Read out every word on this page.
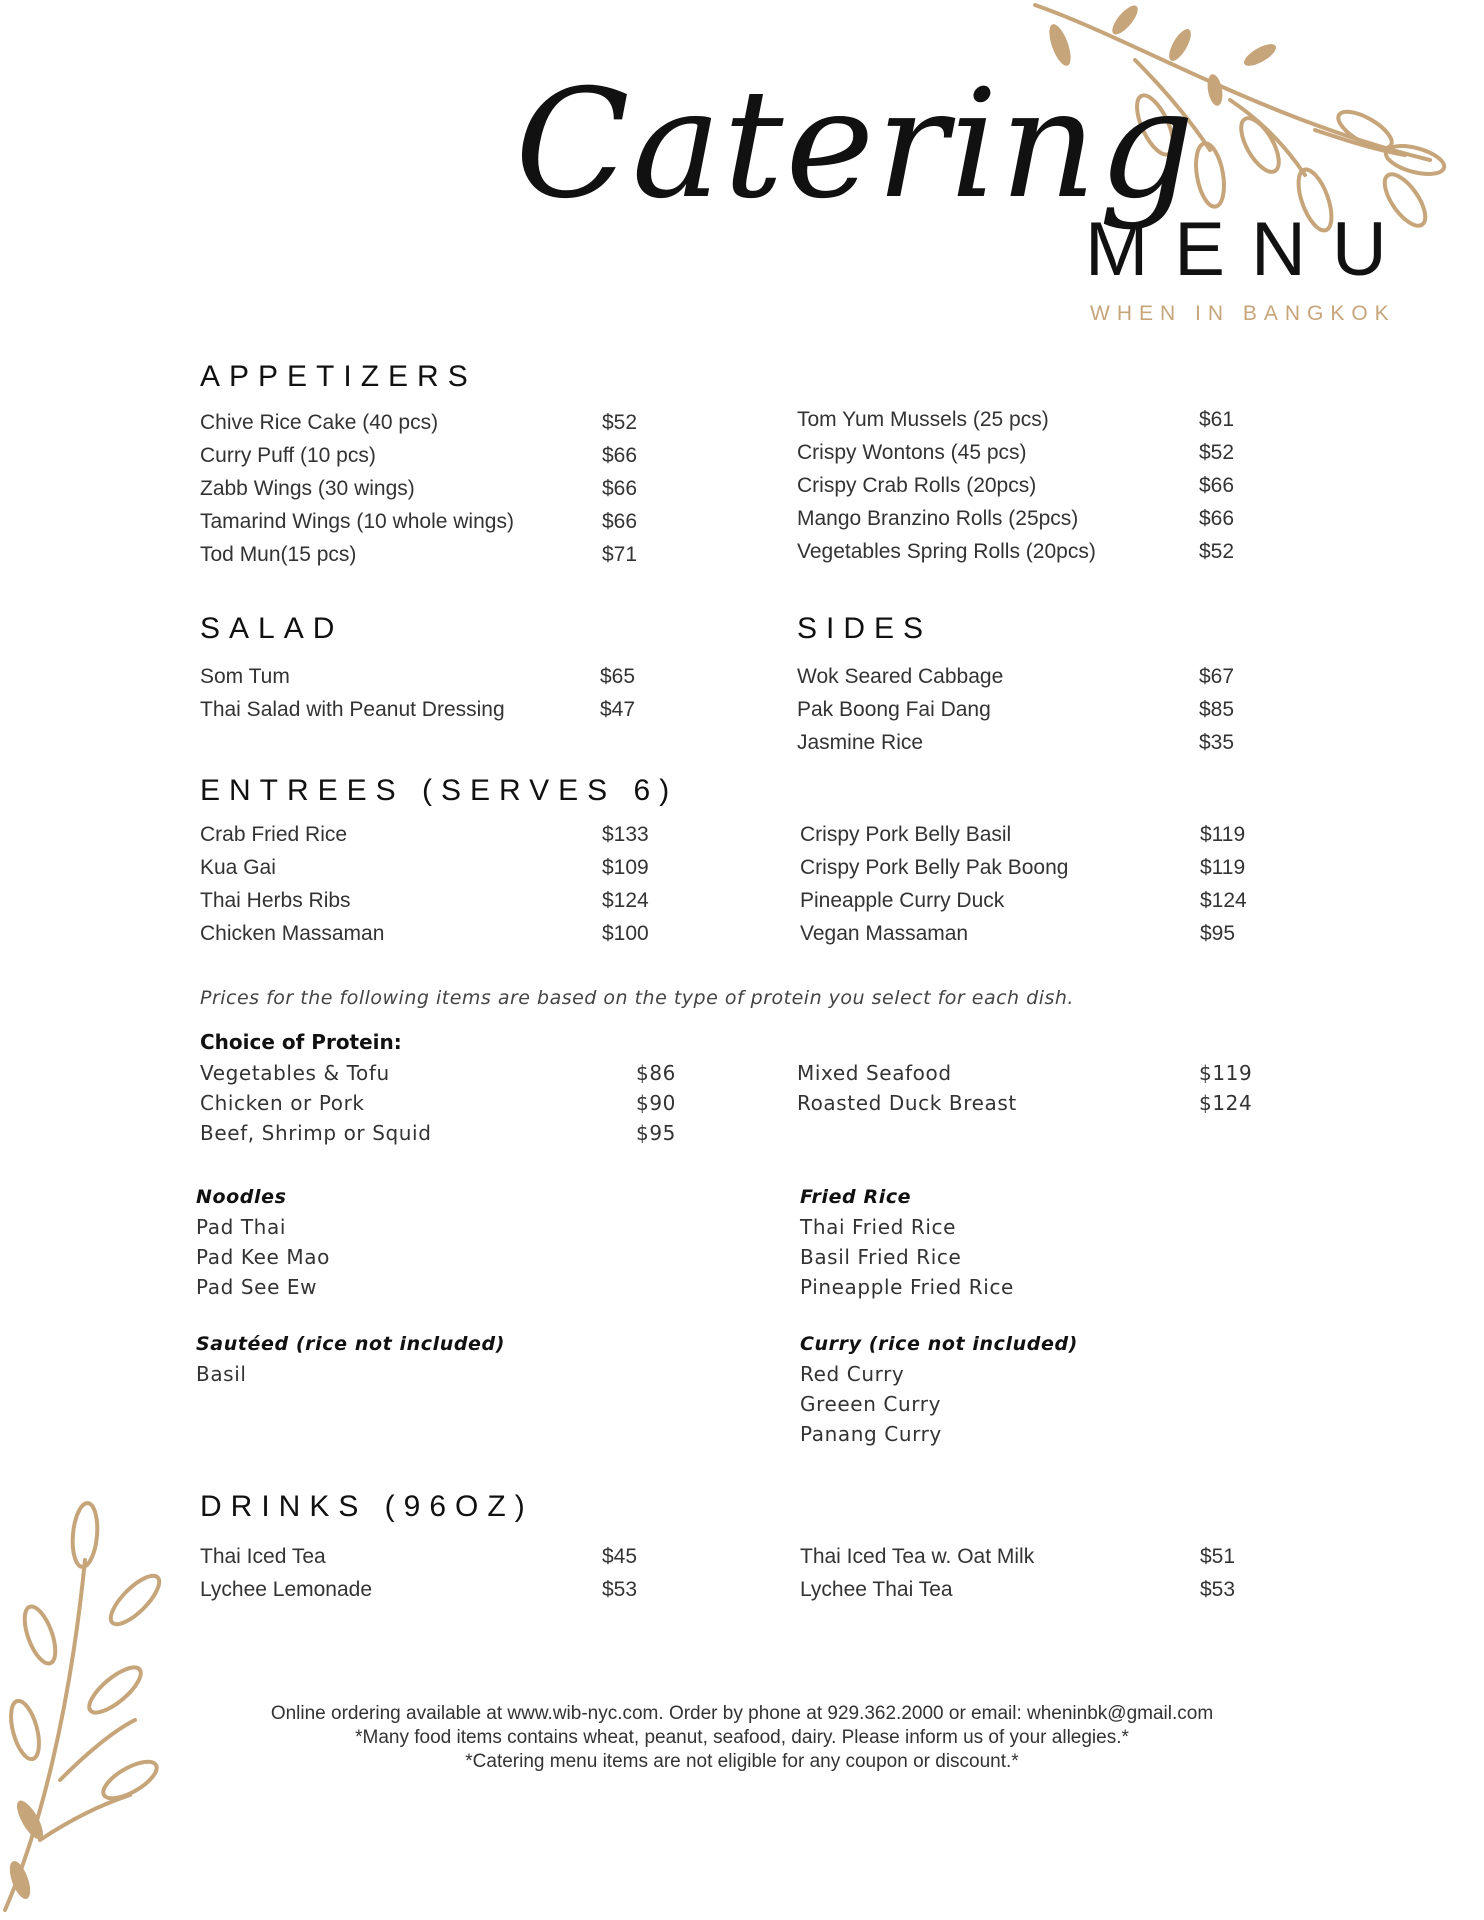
Catering
MENU
WHEN IN BANGKOK
APPETIZERS
Chive Rice Cake (40 pcs)	$52
Curry Puff (10 pcs)	$66
Zabb Wings (30 wings)	$66
Tamarind Wings (10 whole wings)	$66
Tod Mun(15 pcs)	$71
Tom Yum Mussels (25 pcs)	$61
Crispy Wontons (45 pcs)	$52
Crispy Crab Rolls (20pcs)	$66
Mango Branzino Rolls (25pcs)	$66
Vegetables Spring Rolls (20pcs)	$52
SALAD
Som Tum	$65
Thai Salad with Peanut Dressing	$47
SIDES
Wok Seared Cabbage	$67
Pak Boong Fai Dang	$85
Jasmine Rice	$35
ENTREES (SERVES 6)
Crab Fried Rice	$133
Kua Gai	$109
Thai Herbs Ribs	$124
Chicken Massaman	$100
Crispy Pork Belly Basil	$119
Crispy Pork Belly Pak Boong	$119
Pineapple Curry Duck	$124
Vegan Massaman	$95
Prices for the following items are based on the type of protein you select for each dish.
Choice of Protein:
Vegetables & Tofu	$86
Chicken or Pork	$90
Beef, Shrimp or Squid	$95
Mixed Seafood	$119
Roasted Duck Breast	$124
Noodles
Pad Thai
Pad Kee Mao
Pad See Ew
Fried Rice
Thai Fried Rice
Basil Fried Rice
Pineapple Fried Rice
Sautéed (rice not included)
Basil
Curry (rice not included)
Red Curry
Greeen Curry
Panang Curry
DRINKS (96OZ)
Thai Iced Tea	$45
Lychee Lemonade	$53
Thai Iced Tea w. Oat Milk	$51
Lychee Thai Tea	$53
Online ordering available at www.wib-nyc.com. Order by phone at 929.362.2000 or email: wheninbk@gmail.com
*Many food items contains wheat, peanut, seafood, dairy. Please inform us of your allegies.*
*Catering menu items are not eligible for any coupon or discount.*
